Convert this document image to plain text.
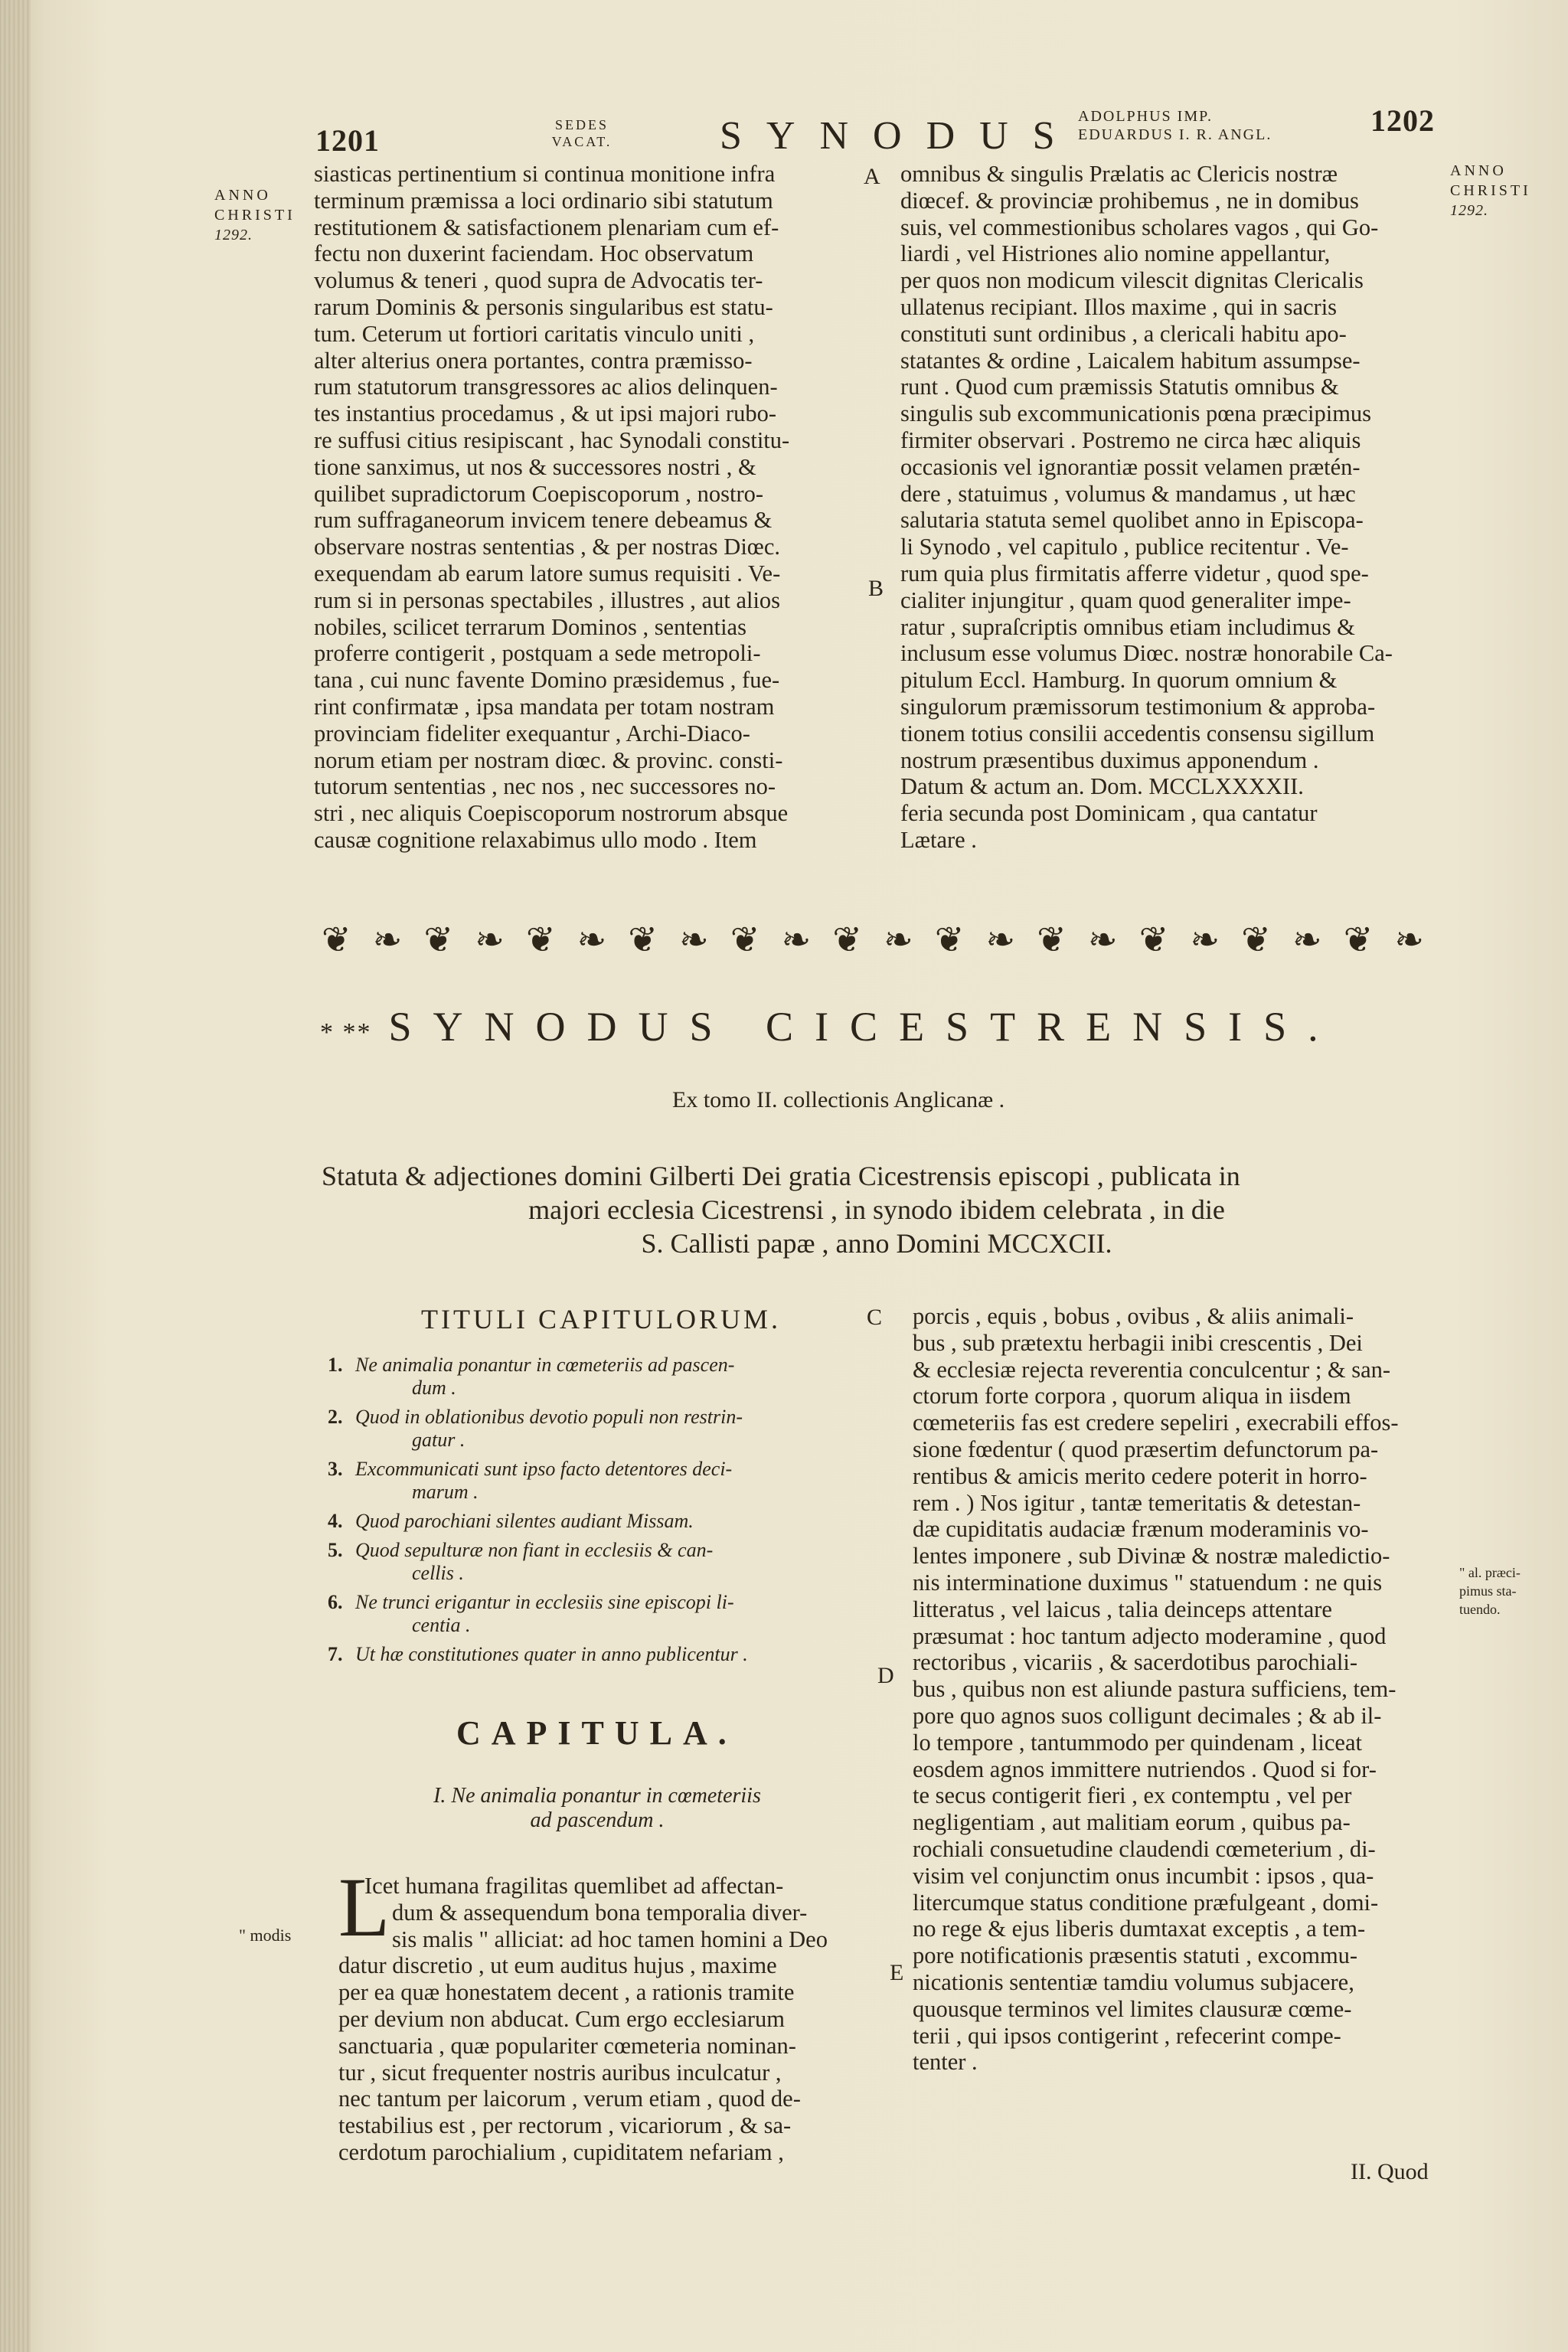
1201	SEDES
VACAT.	SYNODUS
ADOLPHUS IMP.
EDUARDUS I. R. ANGL.	1202
ANNO
CHRISTI
1292.
ANNO
CHRISTI
1292.
A
B
C
D
E
siasticas pertinentium si continua monitione infra
terminum præmissa a loci ordinario sibi statutum
restitutionem & satisfactionem plenariam cum ef-
fectu non duxerint faciendam. Hoc observatum
volumus & teneri , quod supra de Advocatis ter-
rarum Dominis & personis singularibus est statu-
tum. Ceterum ut fortiori caritatis vinculo uniti ,
alter alterius onera portantes, contra præmisso-
rum statutorum transgressores ac alios delinquen-
tes instantius procedamus , & ut ipsi majori rubo-
re suffusi citius resipiscant , hac Synodali constitu-
tione sanximus, ut nos & successores nostri , &
quilibet supradictorum Coepiscoporum , nostro-
rum suffraganeorum invicem tenere debeamus &
observare nostras sententias , & per nostras Diœc.
exequendam ab earum latore sumus requisiti . Ve-
rum si in personas spectabiles , illustres , aut alios
nobiles, scilicet terrarum Dominos , sententias
proferre contigerit , postquam a sede metropoli-
tana , cui nunc favente Domino præsidemus , fue-
rint confirmatæ , ipsa mandata per totam nostram
provinciam fideliter exequantur , Archi-Diaco-
norum etiam per nostram diœc. & provinc. consti-
tutorum sententias , nec nos , nec successores no-
stri , nec aliquis Coepiscoporum nostrorum absque
causæ cognitione relaxabimus ullo modo . Item
omnibus & singulis Prælatis ac Clericis nostræ
diœcef. & provinciæ prohibemus , ne in domibus
suis, vel commestionibus scholares vagos , qui Go-
liardi , vel Histriones alio nomine appellantur,
per quos non modicum vilescit dignitas Clericalis
ullatenus recipiant. Illos maxime , qui in sacris
constituti sunt ordinibus , a clericali habitu apo-
statantes & ordine , Laicalem habitum assumpse-
runt . Quod cum præmissis Statutis omnibus &
singulis sub excommunicationis pœna præcipimus
firmiter observari . Postremo ne circa hæc aliquis
occasionis vel ignorantiæ possit velamen prætén-
dere , statuimus , volumus & mandamus , ut hæc
salutaria statuta semel quolibet anno in Episcopa-
li Synodo , vel capitulo , publice recitentur . Ve-
rum quia plus firmitatis afferre videtur , quod spe-
cialiter injungitur , quam quod generaliter impe-
ratur , supraſcriptis omnibus etiam includimus &
inclusum esse volumus Diœc. nostræ honorabile Ca-
pitulum Eccl. Hamburg. In quorum omnium &
singulorum præmissorum testimonium & approba-
tionem totius consilii accedentis consensu sigillum
nostrum præsentibus duximus apponendum .
Datum & actum an. Dom. MCCLXXXXII.
feria secunda post Dominicam , qua cantatur
Lætare .
❦ ❧ ❦ ❧ ❦ ❧ ❦ ❧ ❦ ❧ ❦ ❧ ❦ ❧ ❦ ❧ ❦ ❧ ❦ ❧ ❦ ❧
* ** SYNODUS CICESTRENSIS.
Ex tomo II. collectionis Anglicanæ .
Statuta & adjectiones domini Gilberti Dei gratia Cicestrensis episcopi , publicata in
majori ecclesia Cicestrensi , in synodo ibidem celebrata , in die
S. Callisti papæ , anno Domini MCCXCII.
TITULI CAPITULORUM.
1. Ne animalia ponantur in cœmeteriis ad pascen-
dum .
2. Quod in oblationibus devotio populi non restrin-
gatur .
3. Excommunicati sunt ipso facto detentores deci-
marum .
4. Quod parochiani silentes audiant Missam.
5. Quod sepulturæ non fiant in ecclesiis & can-
cellis .
6. Ne trunci erigantur in ecclesiis sine episcopi li-
centia .
7. Ut hæ constitutiones quater in anno publicentur .
CAPITULA.
I. Ne animalia ponantur in cœmeteriis
ad pascendum .
" modis L
Icet humana fragilitas quemlibet ad affectan-
dum & assequendum bona temporalia diver-
sis malis " alliciat: ad hoc tamen homini a Deo
datur discretio , ut eum auditus hujus , maxime
per ea quæ honestatem decent , a rationis tramite
per devium non abducat. Cum ergo ecclesiarum
sanctuaria , quæ populariter cœmeteria nominan-
tur , sicut frequenter nostris auribus inculcatur ,
nec tantum per laicorum , verum etiam , quod de-
testabilius est , per rectorum , vicariorum , & sa-
cerdotum parochialium , cupiditatem nefariam ,
porcis , equis , bobus , ovibus , & aliis animali-
bus , sub prætextu herbagii inibi crescentis , Dei
& ecclesiæ rejecta reverentia conculcentur ; & san-
ctorum forte corpora , quorum aliqua in iisdem
cœmeteriis fas est credere sepeliri , execrabili effos-
sione fœdentur ( quod præsertim defunctorum pa-
rentibus & amicis merito cedere poterit in horro-
rem . ) Nos igitur , tantæ temeritatis & detestan-
dæ cupiditatis audaciæ frænum moderaminis vo-
lentes imponere , sub Divinæ & nostræ maledictio-
nis interminatione duximus " statuendum : ne quis
litteratus , vel laicus , talia deinceps attentare
præsumat : hoc tantum adjecto moderamine , quod
rectoribus , vicariis , & sacerdotibus parochiali-
bus , quibus non est aliunde pastura sufficiens, tem-
pore quo agnos suos colligunt decimales ; & ab il-
lo tempore , tantummodo per quindenam , liceat
eosdem agnos immittere nutriendos . Quod si for-
te secus contigerit fieri , ex contemptu , vel per
negligentiam , aut malitiam eorum , quibus pa-
rochiali consuetudine claudendi cœmeterium , di-
visim vel conjunctim onus incumbit : ipsos , qua-
litercumque status conditione præfulgeant , domi-
no rege & ejus liberis dumtaxat exceptis , a tem-
pore notificationis præsentis statuti , excommu-
nicationis sententiæ tamdiu volumus subjacere,
quousque terminos vel limites clausuræ cœme-
terii , qui ipsos contigerint , refecerint compe-
tenter .
" al. præci-
pimus sta-
tuendo.
II. Quod
